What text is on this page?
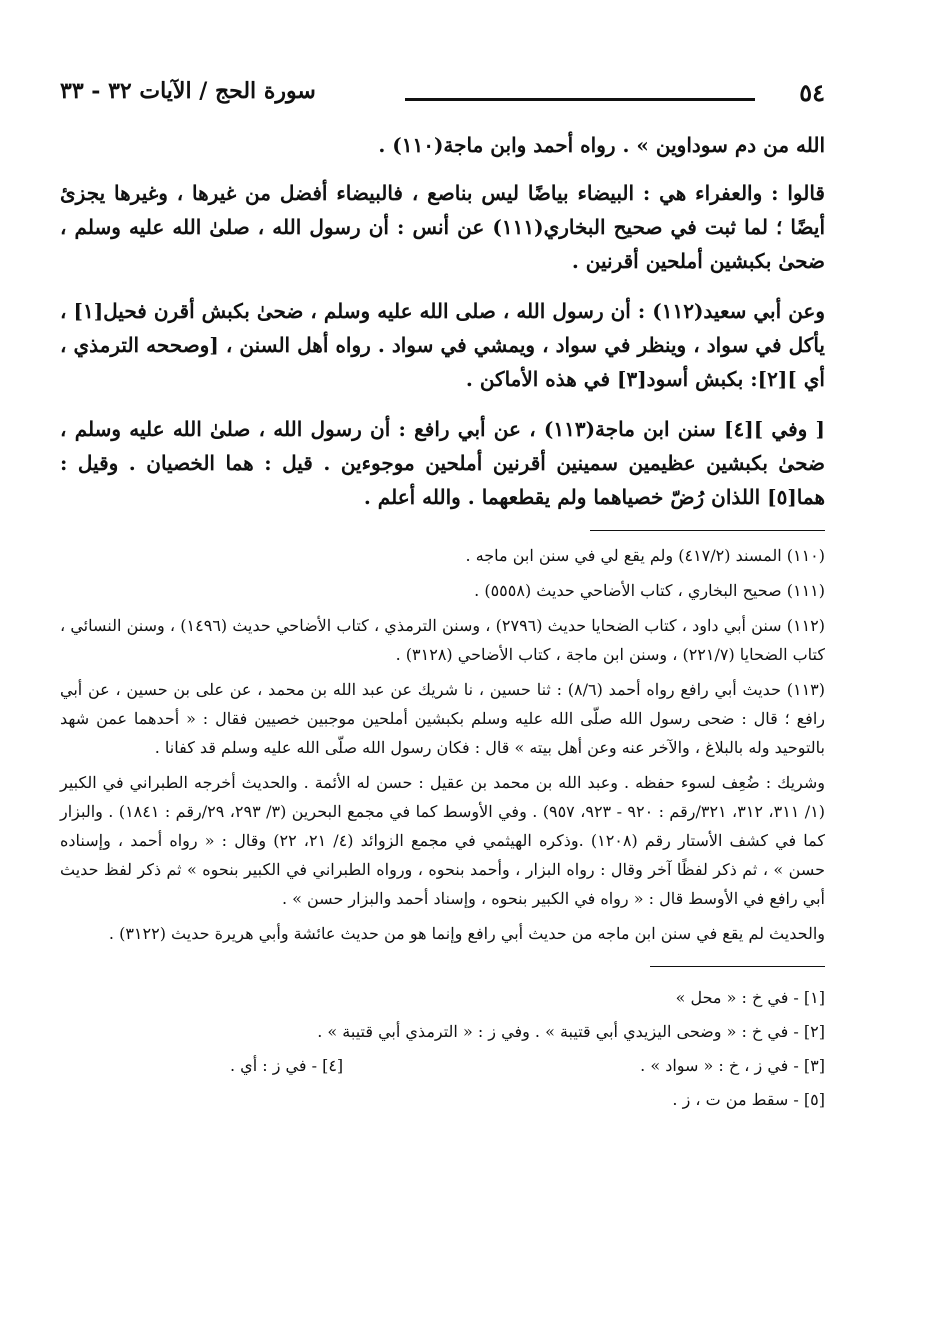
٥٤
سورة الحج / الآيات ٣٢ - ٣٣

الله من دم سوداوين » . رواه أحمد وابن ماجة(١١٠) .

قالوا : والعفراء هي : البيضاء بياضًا ليس بناصع ، فالبيضاء أفضل من غيرها ، وغيرها يجزئ أيضًا ؛ لما ثبت في صحيح البخاري(١١١) عن أنس : أن رسول الله ، صلىٰ الله عليه وسلم ، ضحىٰ بكبشين أملحين أقرنين .

وعن أبي سعيد(١١٢) : أن رسول الله ، صلى الله عليه وسلم ، ضحىٰ بكبش أقرن فحيل[١] ، يأكل في سواد ، وينظر في سواد ، ويمشي في سواد . رواه أهل السنن ، [وصححه الترمذي ، أي ][٢]: بكبش أسود[٣] في هذه الأماكن .

[ وفي ][٤] سنن ابن ماجة(١١٣) ، عن أبي رافع : أن رسول الله ، صلىٰ الله عليه وسلم ، ضحىٰ بكبشين عظيمين سمينين أقرنين أملحين موجوءين . قيل : هما الخصيان . وقيل : هما[٥] اللذان رُضّ خصياهما ولم يقطعهما . والله أعلم .

(١١٠) المسند (٤١٧/٢) ولم يقع لي في سنن ابن ماجه .

(١١١) صحيح البخاري ، كتاب الأضاحي حديث (٥٥٥٨) .

(١١٢) سنن أبي داود ، كتاب الضحايا حديث (٢٧٩٦) ، وسنن الترمذي ، كتاب الأضاحي حديث (١٤٩٦) ، وسنن النسائي ، كتاب الضحايا (٢٢١/٧) ، وسنن ابن ماجة ، كتاب الأضاحي (٣١٢٨) .

(١١٣) حديث أبي رافع رواه أحمد (٨/٦) : ثنا حسين ، نا شريك عن عبد الله بن محمد ، عن على بن حسين ، عن أبي رافع ؛ قال : ضحى رسول الله صلّى الله عليه وسلم بكبشين أملحين موجبين خصيين فقال : « أحدهما عمن شهد بالتوحيد وله بالبلاغ ، والآخر عنه وعن أهل بيته » قال : فكان رسول الله صلّى الله عليه وسلم قد كفانا .

وشريك : ضُعِف لسوء حفظه . وعبد الله بن محمد بن عقيل : حسن له الأئمة . والحديث أخرجه الطبراني في الكبير (١/ ٣١١، ٣١٢، ٣٢١/رقم : ٩٢٠ - ٩٢٣، ٩٥٧) . وفي الأوسط كما في مجمع البحرين (٣/ ٢٩٣، ٢٩/رقم : ١٨٤١) . والبزار كما في كشف الأستار رقم (١٢٠٨) .وذكره الهيثمي في مجمع الزوائد (٤/ ٢١، ٢٢) وقال : « رواه أحمد ، وإسناده حسن » ، ثم ذكر لفظًا آخر وقال : رواه البزار ، وأحمد بنحوه ، ورواه الطبراني في الكبير بنحوه » ثم ذكر لفظ حديث أبي رافع في الأوسط قال : « رواه في الكبير بنحوه ، وإسناد أحمد والبزار حسن » .

والحديث لم يقع في سنن ابن ماجه من حديث أبي رافع وإنما هو من حديث عائشة وأبي هريرة حديث (٣١٢٢) .

[١] - في خ : « محل »
[٢] - في خ : « وضحى اليزيدي أبي قتيبة » . وفي ز : « الترمذي أبي قتيبة » .
[٣] - في ز ، خ : « سواد » .
[٤] - في ز : أي .
[٥] - سقط من ت ، ز .
